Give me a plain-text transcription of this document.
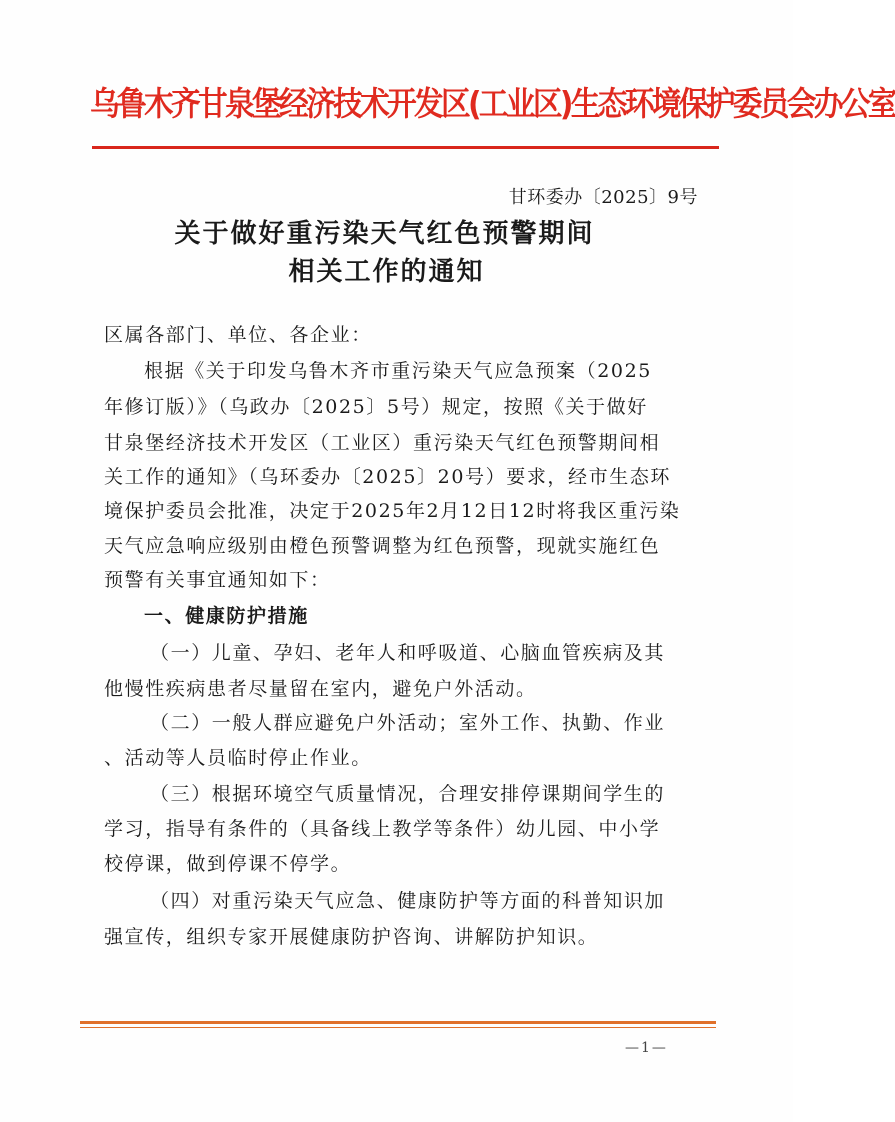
乌鲁木齐甘泉堡经济技术开发区(工业区)生态环境保护委员会办公室
甘环委办〔2025〕9号
关于做好重污染天气红色预警期间
相关工作的通知
区属各部门、单位、各企业：
根据《关于印发乌鲁木齐市重污染天气应急预案（2025
年修订版）》（乌政办〔2025〕5号）规定，按照《关于做好
甘泉堡经济技术开发区（工业区）重污染天气红色预警期间相
关工作的通知》（乌环委办〔2025〕20号）要求，经市生态环
境保护委员会批准，决定于2025年2月12日12时将我区重污染
天气应急响应级别由橙色预警调整为红色预警，现就实施红色
预警有关事宜通知如下：
一、健康防护措施
（一）儿童、孕妇、老年人和呼吸道、心脑血管疾病及其
他慢性疾病患者尽量留在室内，避免户外活动。
（二）一般人群应避免户外活动；室外工作、执勤、作业
、活动等人员临时停止作业。
（三）根据环境空气质量情况，合理安排停课期间学生的
学习，指导有条件的（具备线上教学等条件）幼儿园、中小学
校停课，做到停课不停学。
（四）对重污染天气应急、健康防护等方面的科普知识加
强宣传，组织专家开展健康防护咨询、讲解防护知识。
—1—
